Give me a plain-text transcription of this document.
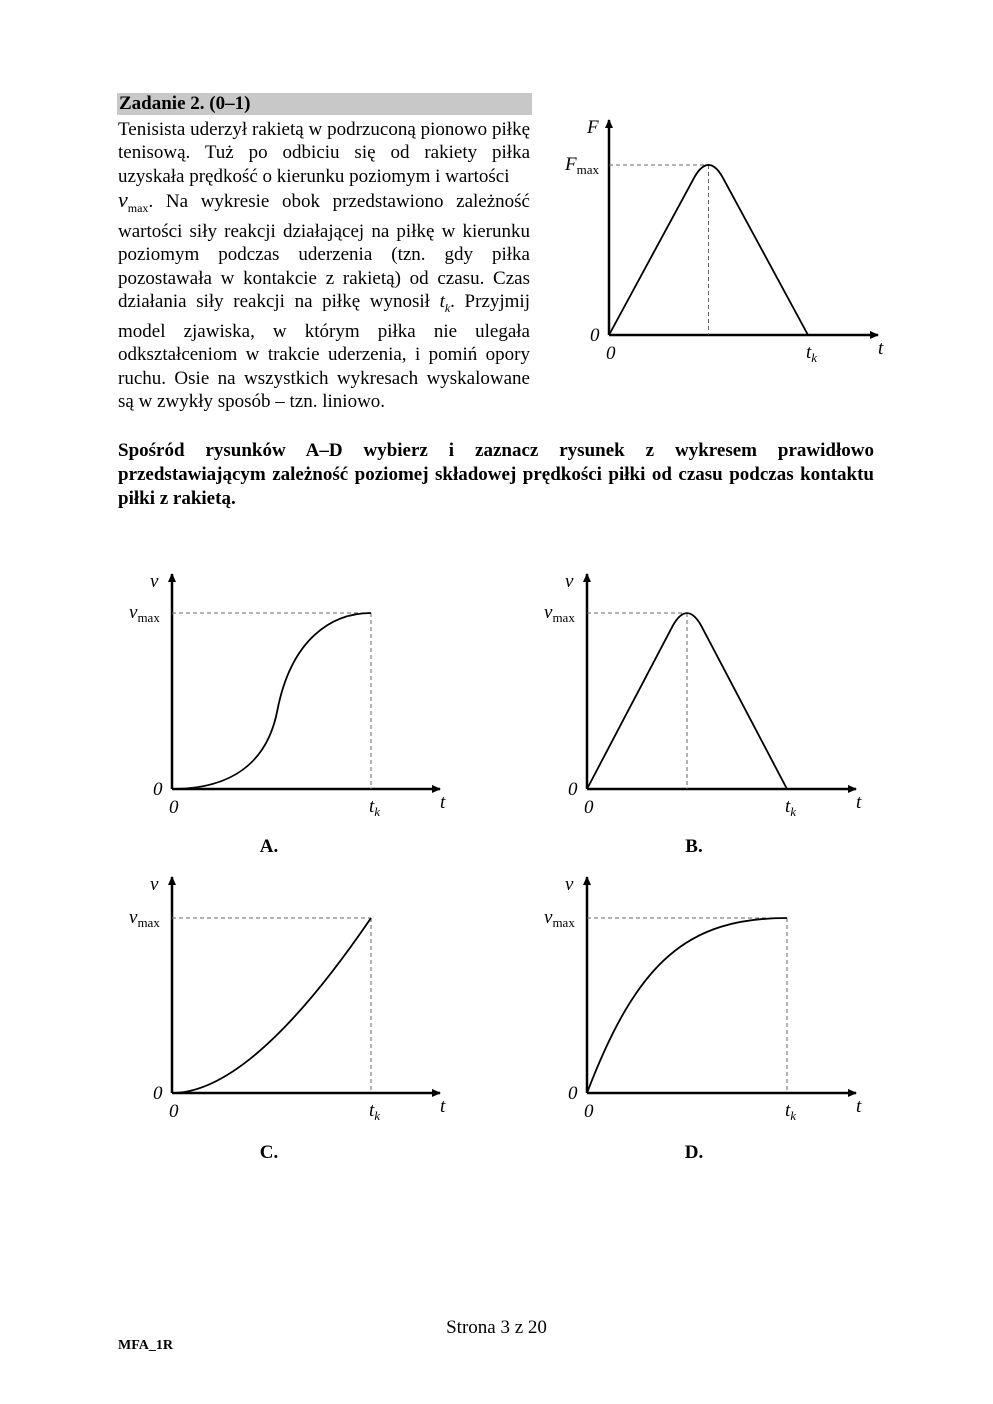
Zadanie 2. (0–1)
Tenisista uderzył rakietą w podrzuconą pionowo piłkę tenisową. Tuż po odbiciu się od rakiety piłka uzyskała prędkość o kierunku poziomym i wartości
$v_{max}$. Na wykresie obok przedstawiono zależność wartości siły reakcji działającej na piłkę w kierunku poziomym podczas uderzenia (tzn. gdy piłka pozostawała w kontakcie z rakietą) od czasu. Czas działania siły reakcji na piłkę wynosił $t_k$. Przyjmij model zjawiska, w którym piłka nie ulegała odkształceniom w trakcie uderzenia, i pomiń opory ruchu. Osie na wszystkich wykresach wyskalowane są w zwykły sposób – tzn. liniowo.
Spośród rysunków A–D wybierz i zaznacz rysunek z wykresem prawidłowo przedstawiającym zależność poziomej składowej prędkości piłki od czasu podczas kontaktu piłki z rakietą.
F
$F_{max}$
0
0	$t_k$	t
v
$v_{max}$
0
0	$t_k$	t
A.
v
$v_{max}$
0
0	$t_k$	t
B.
v
$v_{max}$
0
0	$t_k$	t
C.
v
$v_{max}$
0
0	$t_k$	t
D.
Strona 3 z 20
MFA_1R
